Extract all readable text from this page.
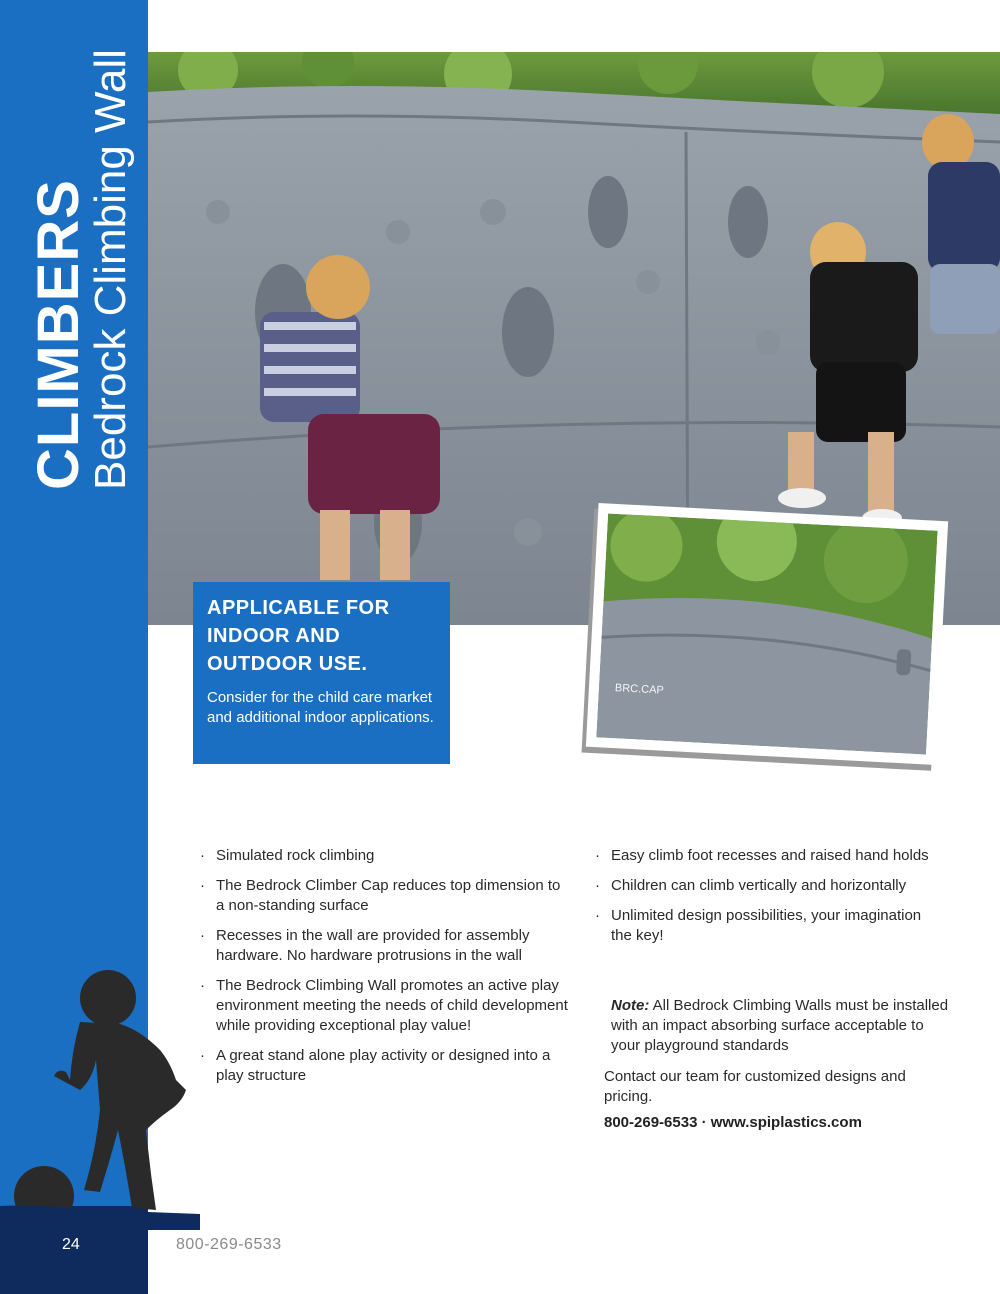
CLIMBERS
Bedrock Climbing Wall
24	800-269-6533
APPLICABLE FOR
INDOOR AND
OUTDOOR USE.

Consider for the child care market and additional indoor applications.

BRC.CAP
· Simulated rock climbing
· The Bedrock Climber Cap reduces top dimension to a non-standing surface
· Recesses in the wall are provided for assembly hardware. No hardware protrusions in the wall
· The Bedrock Climbing Wall promotes an active play environment meeting the needs of child development while providing exceptional play value!
· A great stand alone play activity or designed into a play structure
· Easy climb foot recesses and raised hand holds
· Children can climb vertically and horizontally
· Unlimited design possibilities, your imagination the key!
Note: All Bedrock Climbing Walls must be installed with an impact absorbing surface acceptable to your playground standards
Contact our team for customized designs and pricing.
800-269-6533 · www.spiplastics.com
